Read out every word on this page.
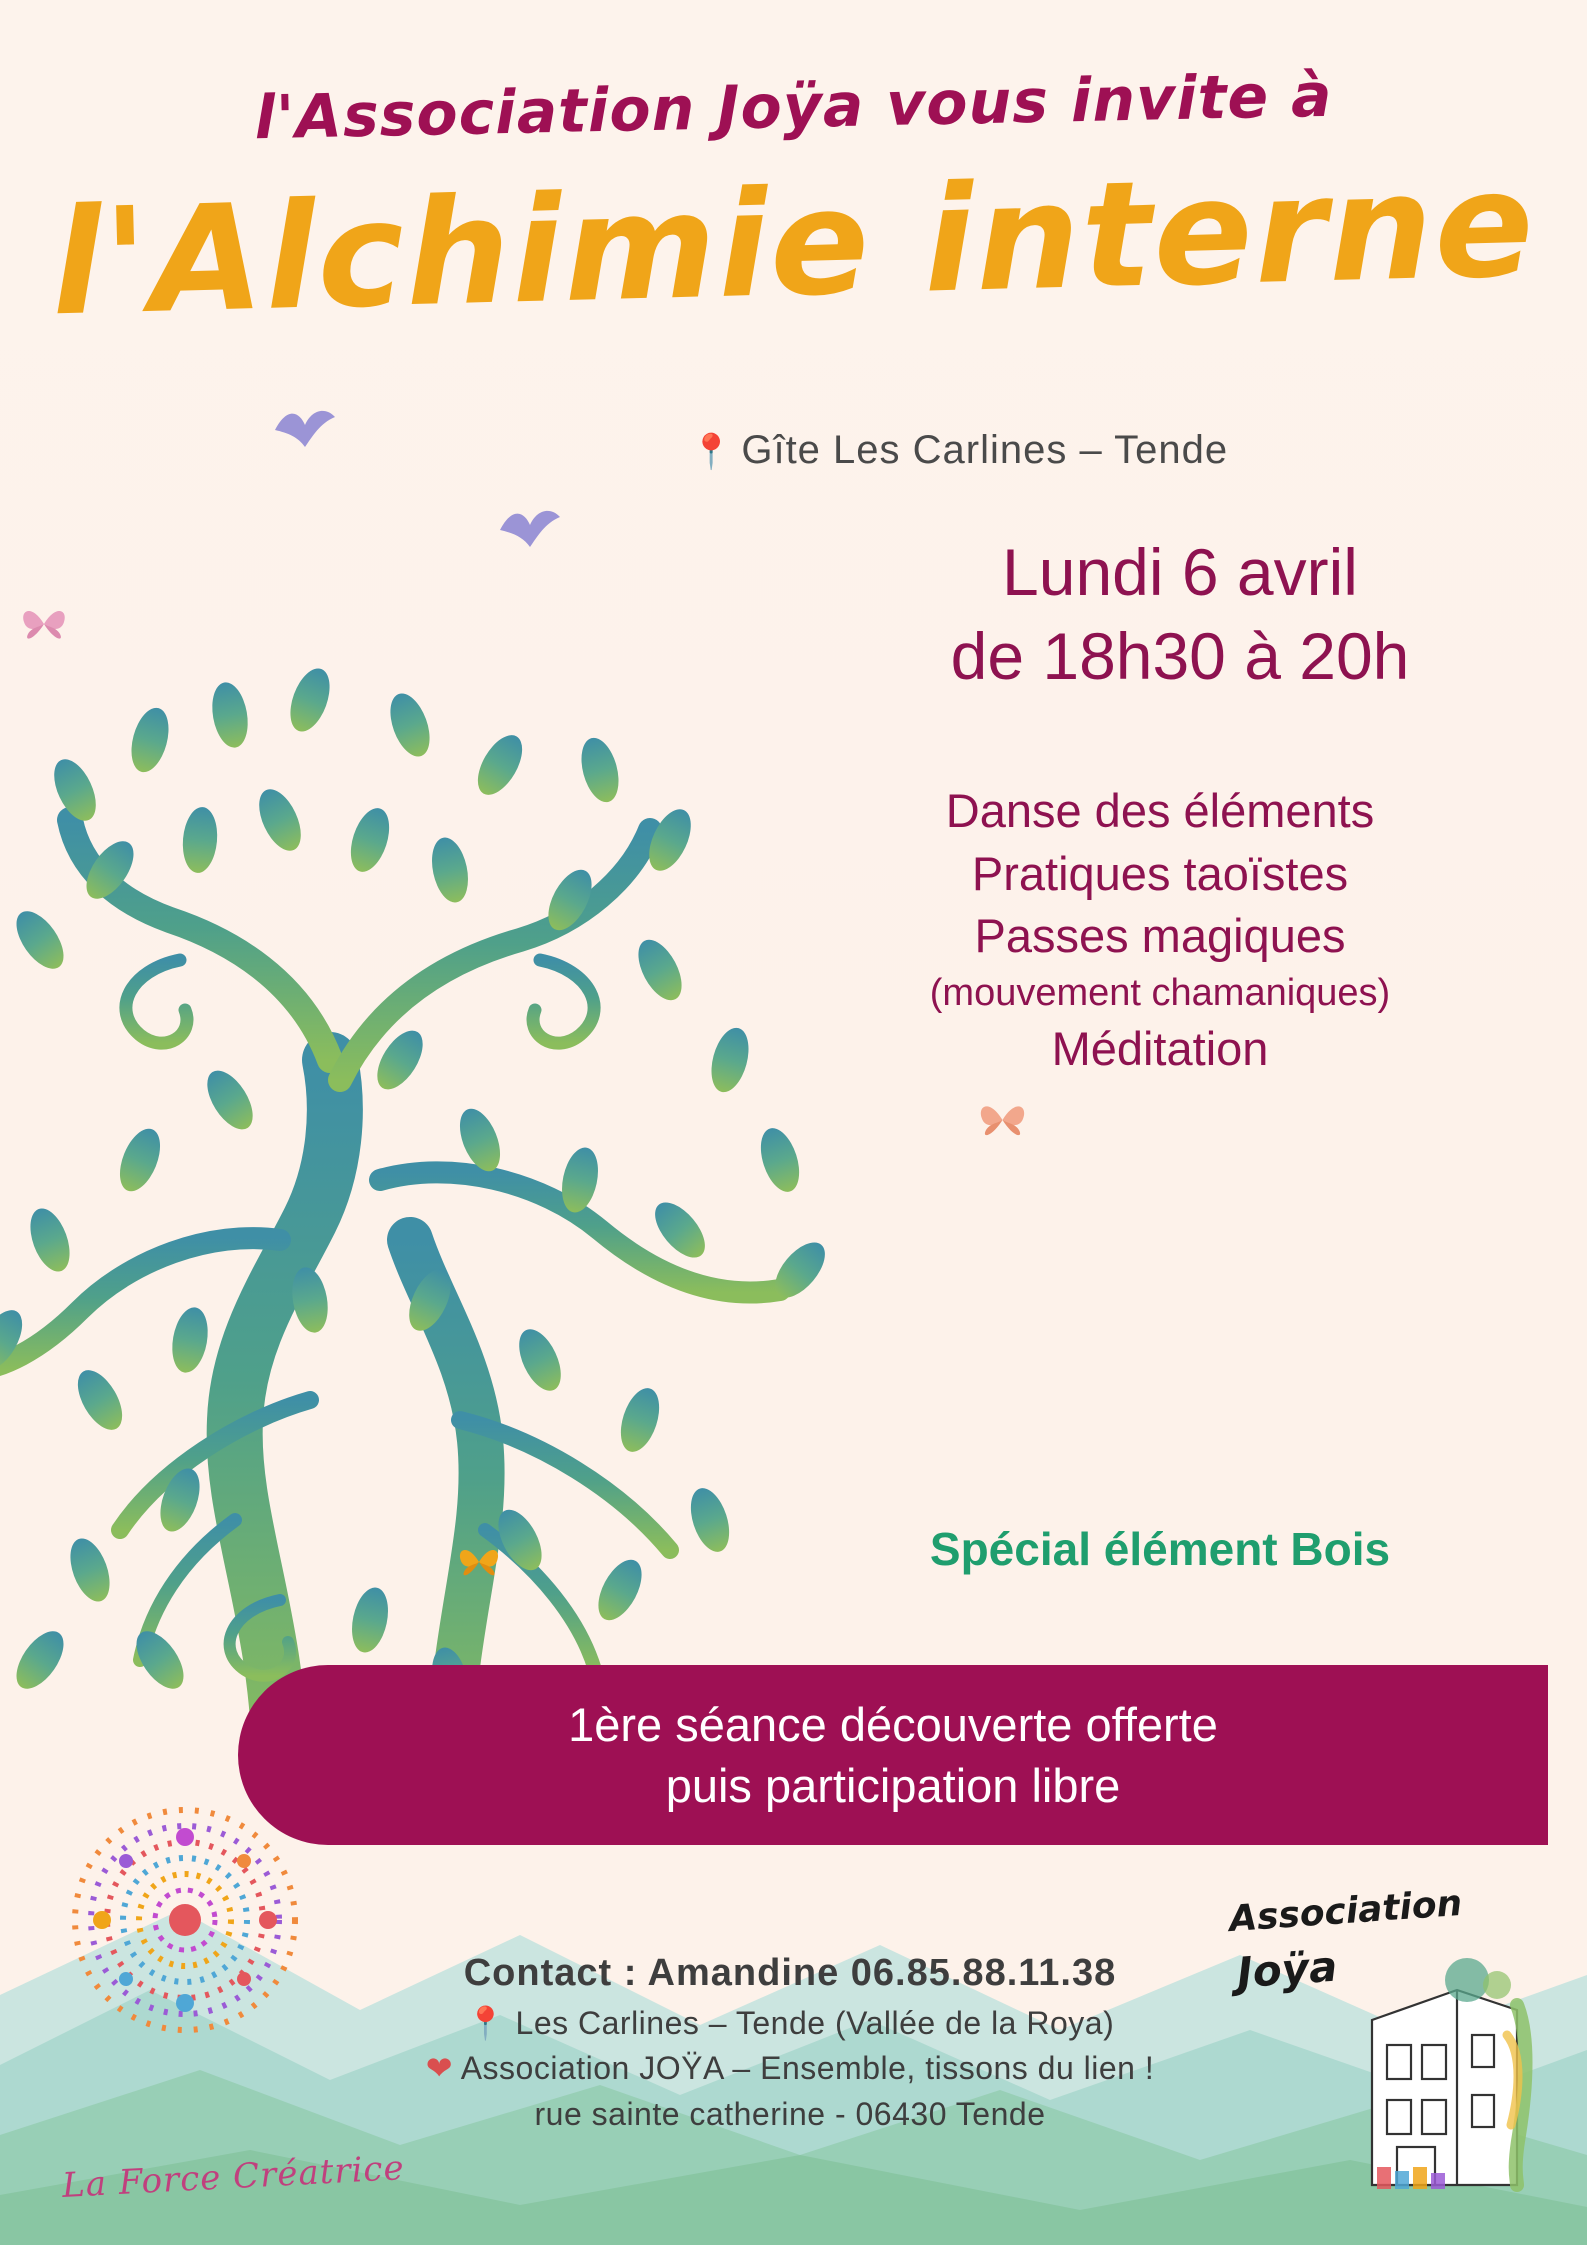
l'Association Joÿa vous invite à
l'Alchimie interne
📍 Gîte Les Carlines – Tende
Lundi 6 avril
de 18h30 à 20h
Danse des éléments
Pratiques taoïstes
Passes magiques
(mouvement chamaniques)
Méditation
Spécial élément Bois
1ère séance découverte offerte
puis participation libre
La Force Créatrice
Contact : Amandine 06.85.88.11.38
📍 Les Carlines – Tende (Vallée de la Roya)
❤ Association JOŸA – Ensemble, tissons du lien !
rue sainte catherine - 06430 Tende
Association
Joÿa
